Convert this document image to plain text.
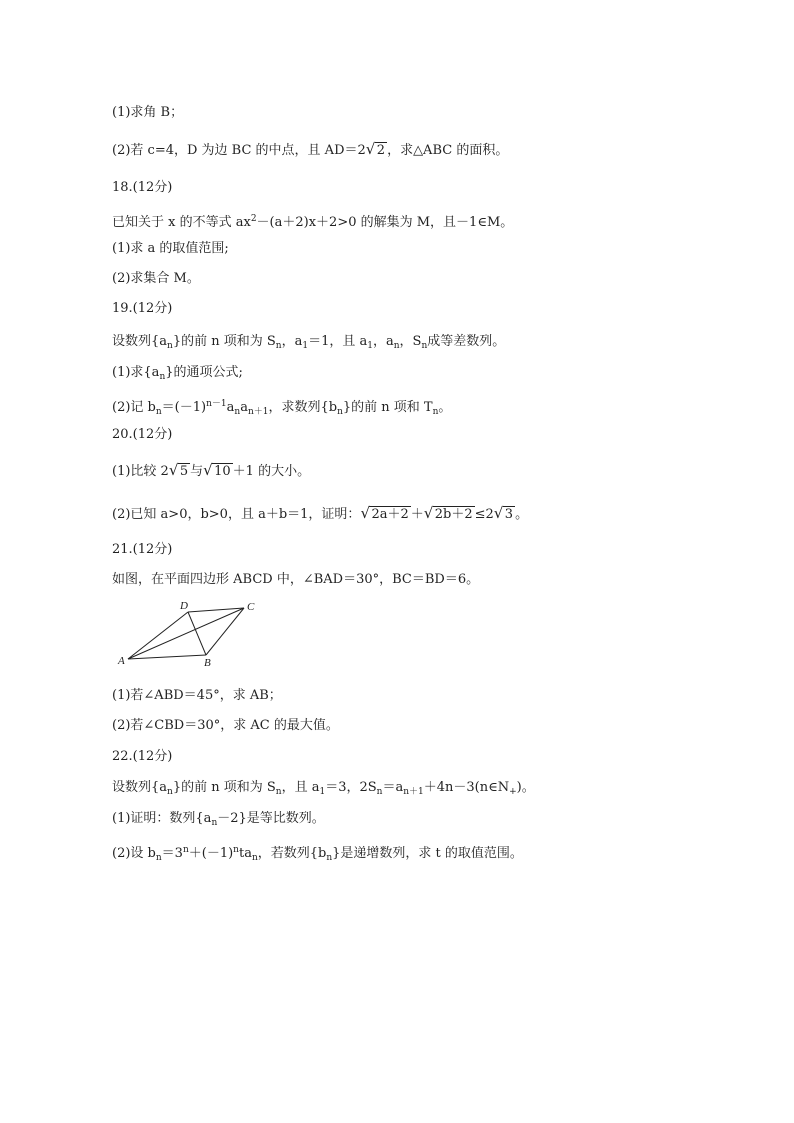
(1)求角 B；
(2)若 c=4，D 为边 BC 的中点，且 AD＝2 √ 2 ，求△ABC 的面积。
18.(12分)
已知关于 x 的不等式 $ax^2-(a+2)x+2>0$ 的解集为 M，且－1∈M。
(1)求 a 的取值范围;
(2)求集合 M。
19.(12分)
设数列$\{a_n\}$的前 n 项和为 $S_n$，$a_1=1$，且 $a_1$，$a_n$，$S_n$成等差数列。
(1)求$\{a_n\}$的通项公式;
(2)记 $b_n=(-1)^{n-1}a_na_{n+1}$，求数列$\{b_n\}$的前 n 项和 $T_n$。
20.(12分)
(1)比较 2 √ 5 与 √ 10 ＋1 的大小。
(2)已知 a>0，b>0，且 a＋b＝1，证明： √ 2a＋2 ＋ √ 2b＋2 ≤2 √ 3 。
21.(12分)
如图，在平面四边形 ABCD 中，∠BAD＝30°，BC＝BD＝6。
A	B
C
D
(1)若∠ABD＝45°，求 AB；
(2)若∠CBD＝30°，求 AC 的最大值。
22.(12分)
设数列$\{a_n\}$的前 n 项和为 $S_n$，且 $a_1=3$，$2S_n=a_{n+1}+4n-3(n\in N_+)$。
(1)证明：数列$\{a_n-2\}$是等比数列。
(2)设 $b_n=3^n+(-1)^nta_n$，若数列$\{b_n\}$是递增数列，求 t 的取值范围。
